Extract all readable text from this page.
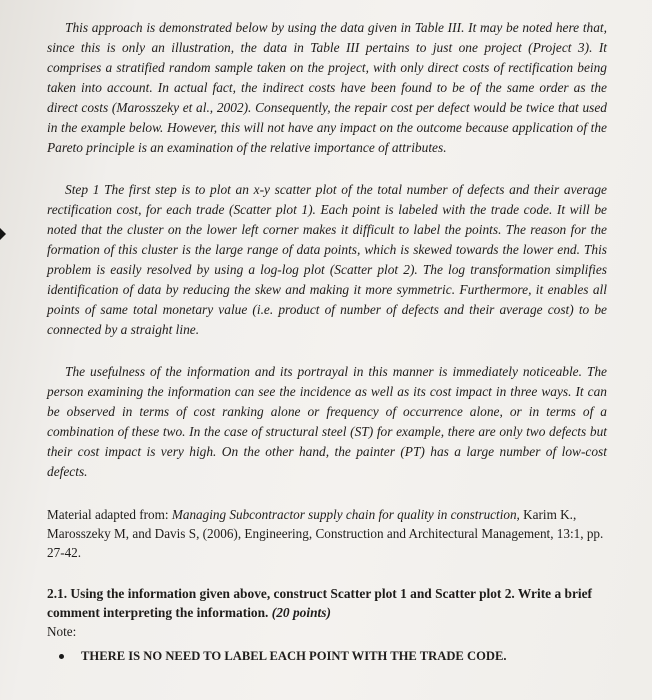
This approach is demonstrated below by using the data given in Table III. It may be noted here that, since this is only an illustration, the data in Table III pertains to just one project (Project 3). It comprises a stratified random sample taken on the project, with only direct costs of rectification being taken into account. In actual fact, the indirect costs have been found to be of the same order as the direct costs (Marosszeky et al., 2002). Consequently, the repair cost per defect would be twice that used in the example below. However, this will not have any impact on the outcome because application of the Pareto principle is an examination of the relative importance of attributes.

Step 1 The first step is to plot an x-y scatter plot of the total number of defects and their average rectification cost, for each trade (Scatter plot 1). Each point is labeled with the trade code. It will be noted that the cluster on the lower left corner makes it difficult to label the points. The reason for the formation of this cluster is the large range of data points, which is skewed towards the lower end. This problem is easily resolved by using a log-log plot (Scatter plot 2). The log transformation simplifies identification of data by reducing the skew and making it more symmetric. Furthermore, it enables all points of same total monetary value (i.e. product of number of defects and their average cost) to be connected by a straight line.

The usefulness of the information and its portrayal in this manner is immediately noticeable. The person examining the information can see the incidence as well as its cost impact in three ways. It can be observed in terms of cost ranking alone or frequency of occurrence alone, or in terms of a combination of these two. In the case of structural steel (ST) for example, there are only two defects but their cost impact is very high. On the other hand, the painter (PT) has a large number of low-cost defects.

Material adapted from: Managing Subcontractor supply chain for quality in construction, Karim K., Marosszeky M, and Davis S, (2006), Engineering, Construction and Architectural Management, 13:1, pp. 27-42.

2.1. Using the information given above, construct Scatter plot 1 and Scatter plot 2. Write a brief comment interpreting the information. (20 points)

Note:

THERE IS NO NEED TO LABEL EACH POINT WITH THE TRADE CODE.
